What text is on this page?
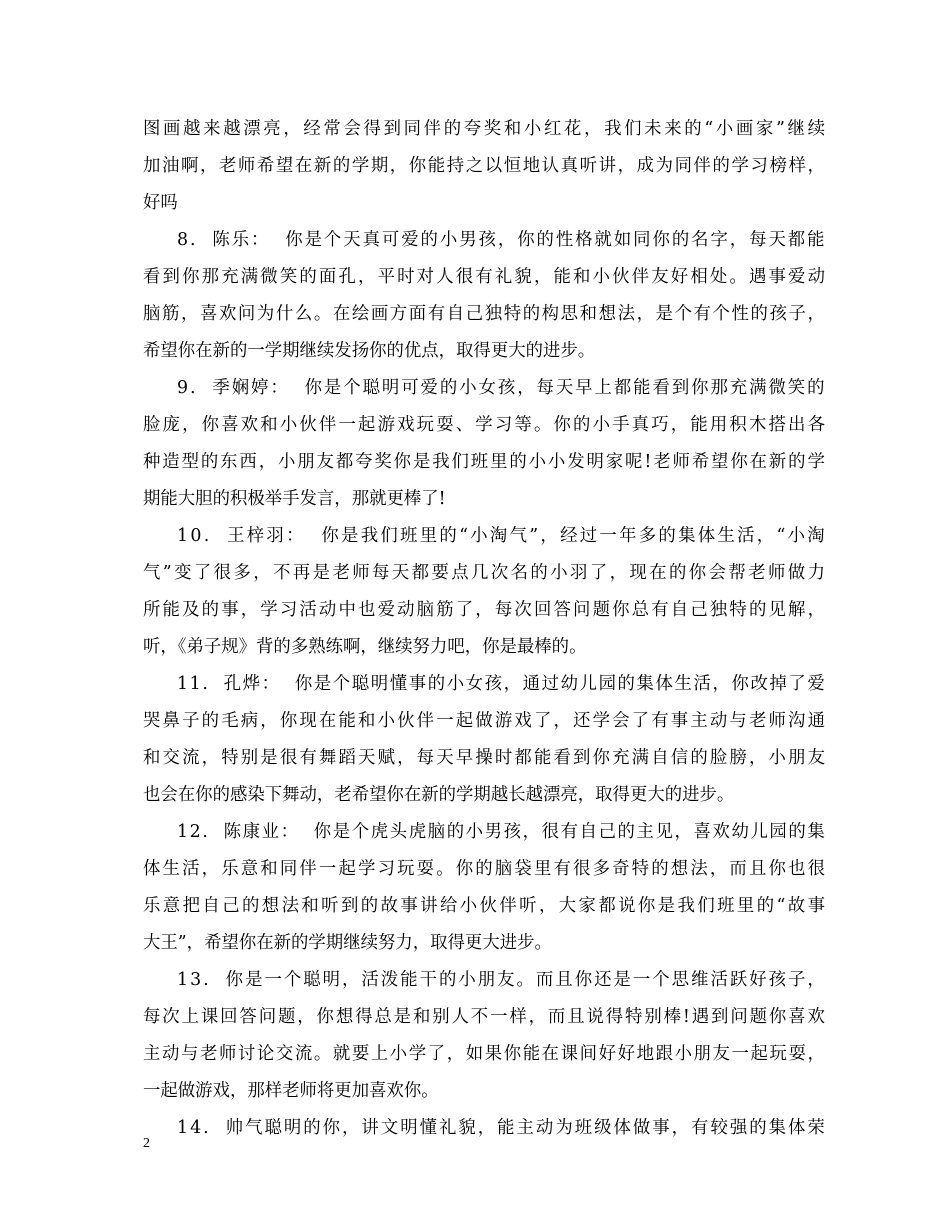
图 画 越 来 越 漂 亮 ， 经 常 会 得 到 同 伴 的 夸 奖 和 小 红 花 ， 我 们 未 来 的 “ 小 画 家 ” 继 续
加 油 啊 ， 老 师 希 望 在 新 的 学 期 ， 你 能 持 之 以 恒 地 认 真 听 讲 ， 成 为 同 伴 的 学 习 榜 样 ，
好吗
8 .

陈 乐 ：

你 是 个 天 真 可 爱 的 小 男 孩 ， 你 的 性 格 就 如 同 你 的 名 字 ， 每 天 都 能
看 到 你 那 充 满 微 笑 的 面 孔 ， 平 时 对 人 很 有 礼 貌 ， 能 和 小 伙 伴 友 好 相 处 。 遇 事 爱 动
脑 筋 ， 喜 欢 问 为 什 么 。 在 绘 画 方 面 有 自 己 独 特 的 构 思 和 想 法 ， 是 个 有 个 性 的 孩 子 ，
希望你在新的一学期继续发扬你的优点，取得更大的进步。
9 .

季 娴 婷 ：

你 是 个 聪 明 可 爱 的 小 女 孩 ， 每 天 早 上 都 能 看 到 你 那 充 满 微 笑 的
脸 庞 ， 你 喜 欢 和 小 伙 伴 一 起 游 戏 玩 耍 、 学 习 等 。 你 的 小 手 真 巧 ， 能 用 积 木 搭 出 各
种 造 型 的 东 西 ， 小 朋 友 都 夸 奖 你 是 我 们 班 里 的 小 小 发 明 家 呢 ! 老 师 希 望 你 在 新 的 学
期能大胆的积极举手发言，那就更棒了!
1 0 .

王 梓 羽 ：

你 是 我 们 班 里 的 “ 小 淘 气 ” ， 经 过 一 年 多 的 集 体 生 活 ， “ 小 淘
气 ” 变 了 很 多 ， 不 再 是 老 师 每 天 都 要 点 几 次 名 的 小 羽 了 ， 现 在 的 你 会 帮 老 师 做 力
所 能 及 的 事 ， 学 习 活 动 中 也 爱 动 脑 筋 了 ， 每 次 回 答 问 题 你 总 有 自 己 独 特 的 见 解 ，
听，《弟子规》背的多熟练啊，继续努力吧，你是最棒的。
1 1 .

孔 烨 ：

你 是 个 聪 明 懂 事 的 小 女 孩 ， 通 过 幼 儿 园 的 集 体 生 活 ， 你 改 掉 了 爱
哭 鼻 子 的 毛 病 ， 你 现 在 能 和 小 伙 伴 一 起 做 游 戏 了 ， 还 学 会 了 有 事 主 动 与 老 师 沟 通
和 交 流 ， 特 别 是 很 有 舞 蹈 天 赋 ， 每 天 早 操 时 都 能 看 到 你 充 满 自 信 的 脸 膀 ， 小 朋 友
也会在你的感染下舞动，老希望你在新的学期越长越漂亮，取得更大的进步。
1 2 .

陈 康 业 ：

你 是 个 虎 头 虎 脑 的 小 男 孩 ， 很 有 自 己 的 主 见 ， 喜 欢 幼 儿 园 的 集
体 生 活 ， 乐 意 和 同 伴 一 起 学 习 玩 耍 。 你 的 脑 袋 里 有 很 多 奇 特 的 想 法 ， 而 且 你 也 很
乐 意 把 自 己 的 想 法 和 听 到 的 故 事 讲 给 小 伙 伴 听 ， 大 家 都 说 你 是 我 们 班 里 的 “ 故 事
大王”，希望你在新的学期继续努力，取得更大进步。
1 3 .

你 是 一 个 聪 明 ， 活 泼 能 干 的 小 朋 友 。 而 且 你 还 是 一 个 思 维 活 跃 好 孩 子 ，
每 次 上 课 回 答 问 题 ， 你 想 得 总 是 和 别 人 不 一 样 ， 而 且 说 得 特 别 棒 ! 遇 到 问 题 你 喜 欢
主 动 与 老 师 讨 论 交 流 。 就 要 上 小 学 了 ， 如 果 你 能 在 课 间 好 好 地 跟 小 朋 友 一 起 玩 耍 ，
一起做游戏，那样老师将更加喜欢你。
1 4 .

帅 气 聪 明 的 你 ， 讲 文 明 懂 礼 貌 ， 能 主 动 为 班 级 体 做 事 ， 有 较 强 的 集 体 荣
2
